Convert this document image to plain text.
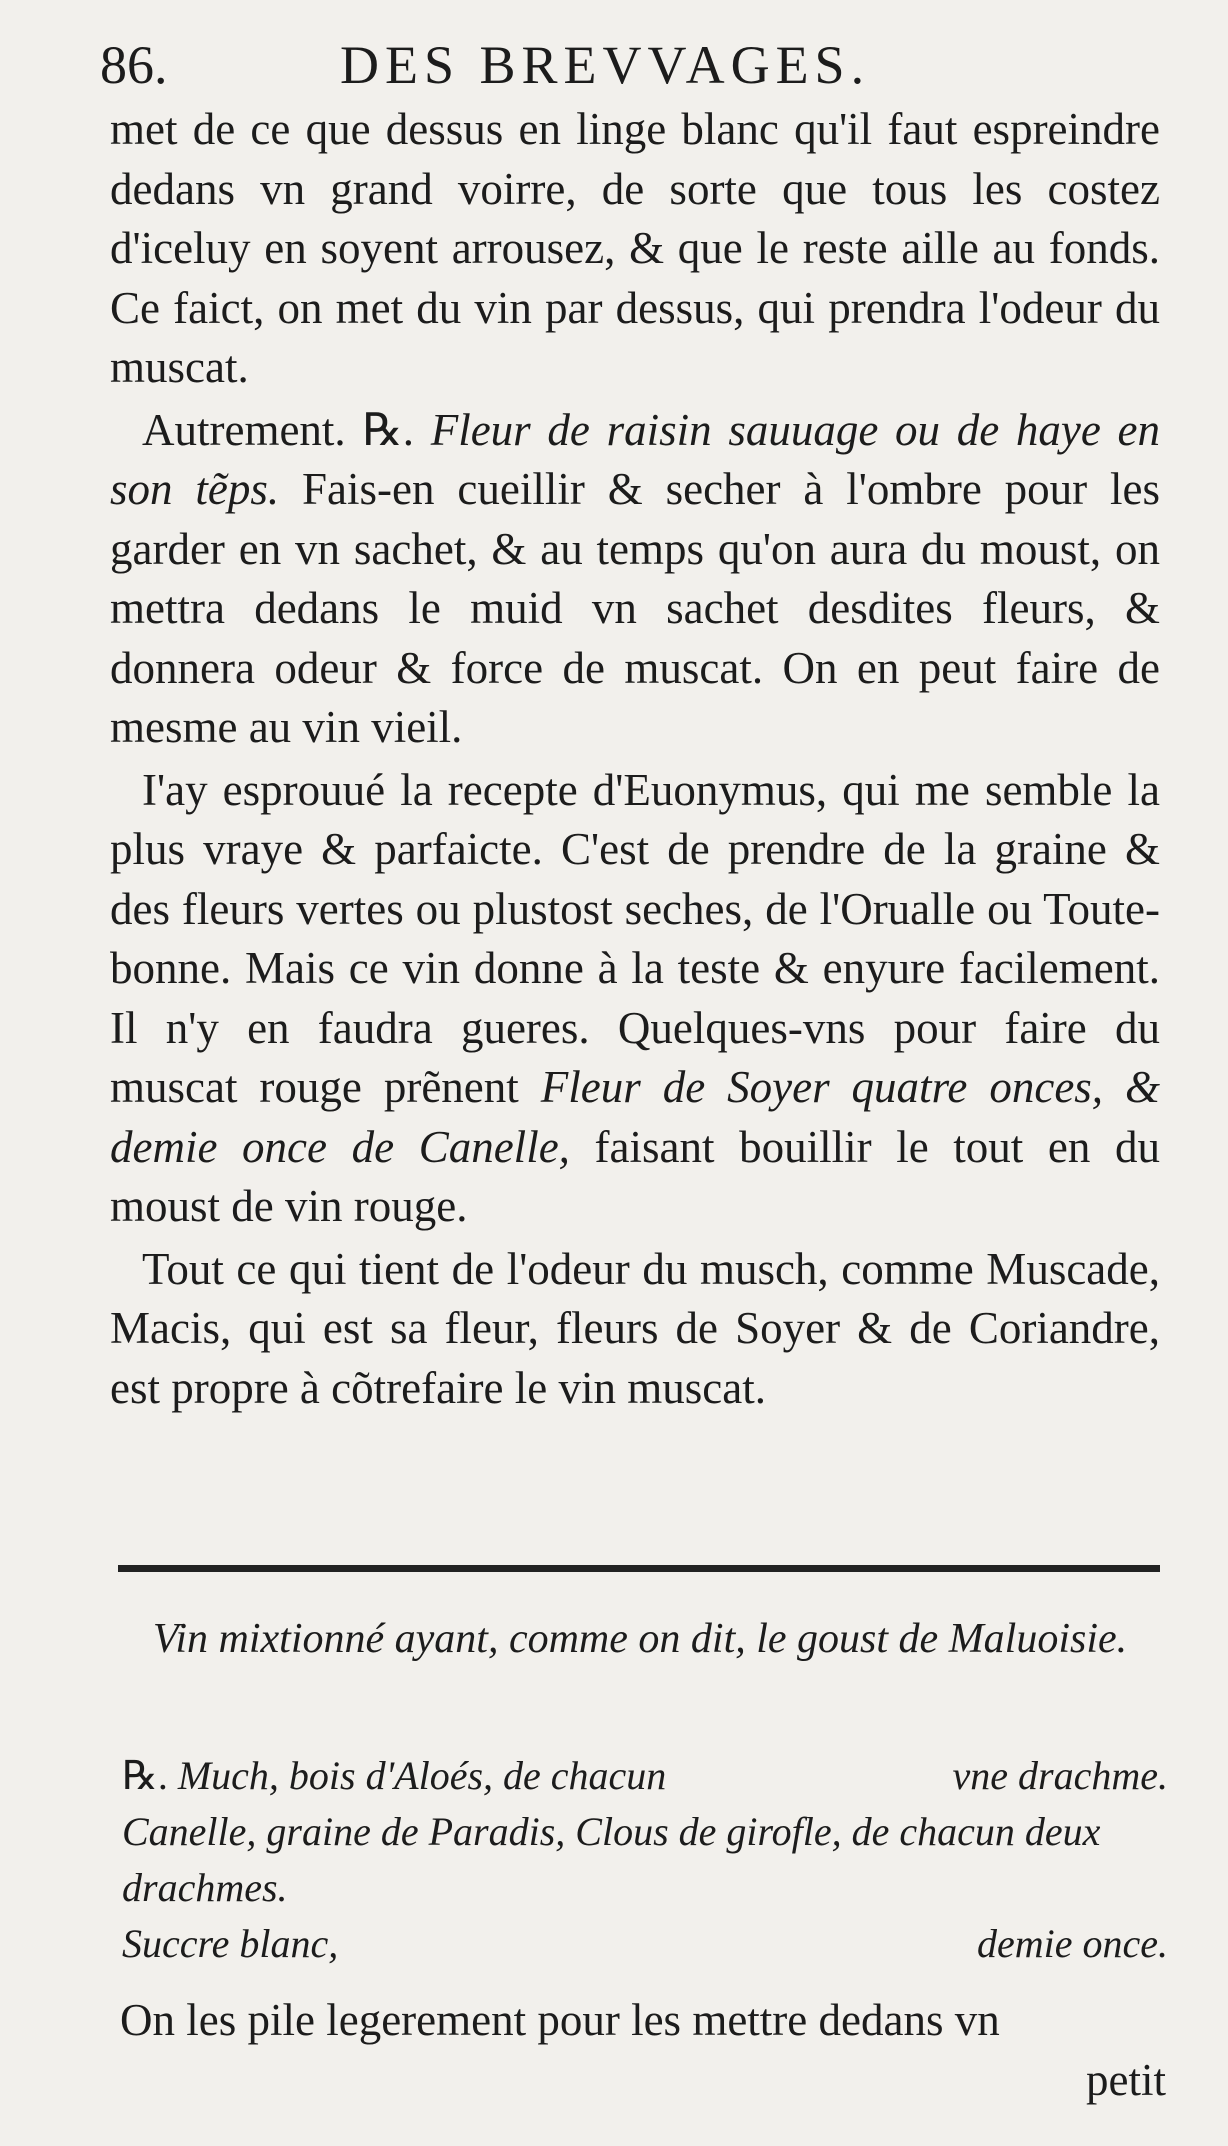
86.	DES BREVVAGES.

met de ce que dessus en linge blanc qu'il faut espreindre dedans vn grand voirre, de sorte que tous les costez d'iceluy en soyent arrousez, & que le reste aille au fonds. Ce faict, on met du vin par dessus, qui prendra l'odeur du muscat.

Autrement. ℞. Fleur de raisin sauuage ou de haye en son tẽps. Fais-en cueillir & secher à l'ombre pour les garder en vn sachet, & au temps qu'on aura du moust, on mettra dedans le muid vn sachet desdites fleurs, & donnera odeur & force de muscat. On en peut faire de mesme au vin vieil.

I'ay esprouué la recepte d'Euonymus, qui me semble la plus vraye & parfaicte. C'est de prendre de la graine & des fleurs vertes ou plustost seches, de l'Orualle ou Toute-bonne. Mais ce vin donne à la teste & enyure facilement. Il n'y en faudra gueres. Quelques-vns pour faire du muscat rouge prẽnent Fleur de Soyer quatre onces, & demie once de Canelle, faisant bouillir le tout en du moust de vin rouge.

Tout ce qui tient de l'odeur du musch, comme Muscade, Macis, qui est sa fleur, fleurs de Soyer & de Coriandre, est propre à cõtrefaire le vin muscat.

Vin mixtionné ayant, comme on dit, le goust de Maluoisie.
℞. Much, bois d'Aloés, de chacun	vne drachme.
Canelle, graine de Paradis, Clous de girofle, de chacun deux drachmes.
Succre blanc,	demie once.
On les pile legerement pour les mettre dedans vn
petit
